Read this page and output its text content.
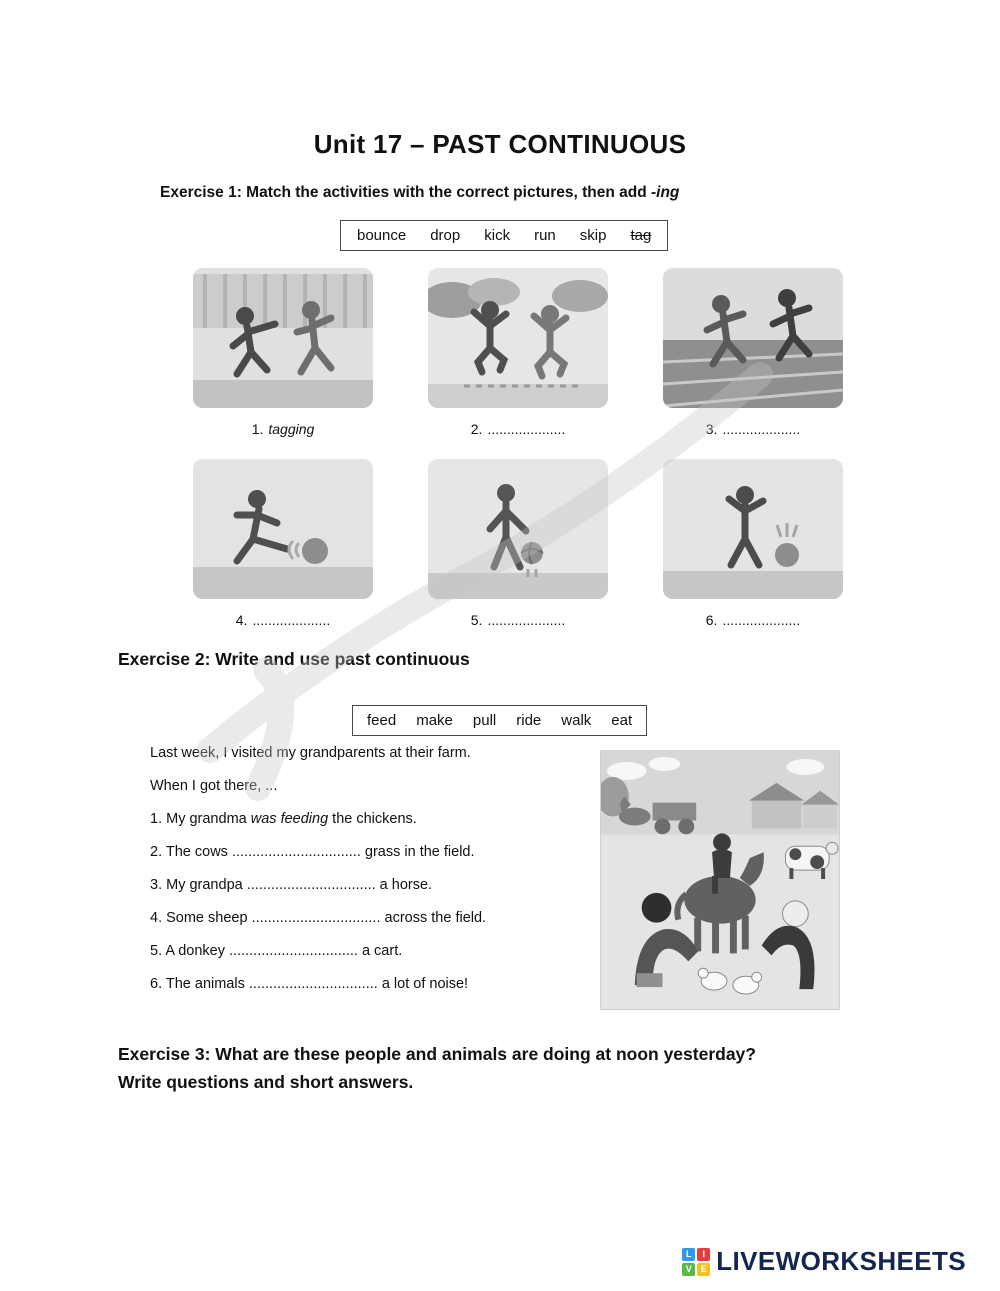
Unit 17 – PAST CONTINUOUS
Exercise 1: Match the activities with the correct pictures, then add -ing
bounce drop kick run skip tag
1. tagging	2. ....................	3. ....................
4. ....................	5. ....................	6. ....................
Exercise 2: Write and use past continuous
feed make pull ride walk eat

Last week, I visited my grandparents at their farm.

When I got there, ...

1. My grandma was feeding the chickens.

2. The cows ................................ grass in the field.

3. My grandpa ................................ a horse.

4. Some sheep ................................ across the field.

5. A donkey ................................ a cart.

6. The animals ................................ a lot of noise!

Exercise 3: What are these people and animals are doing at noon yesterday?
Write questions and short answers.
L	I
V E LIVEWORKSHEETS
